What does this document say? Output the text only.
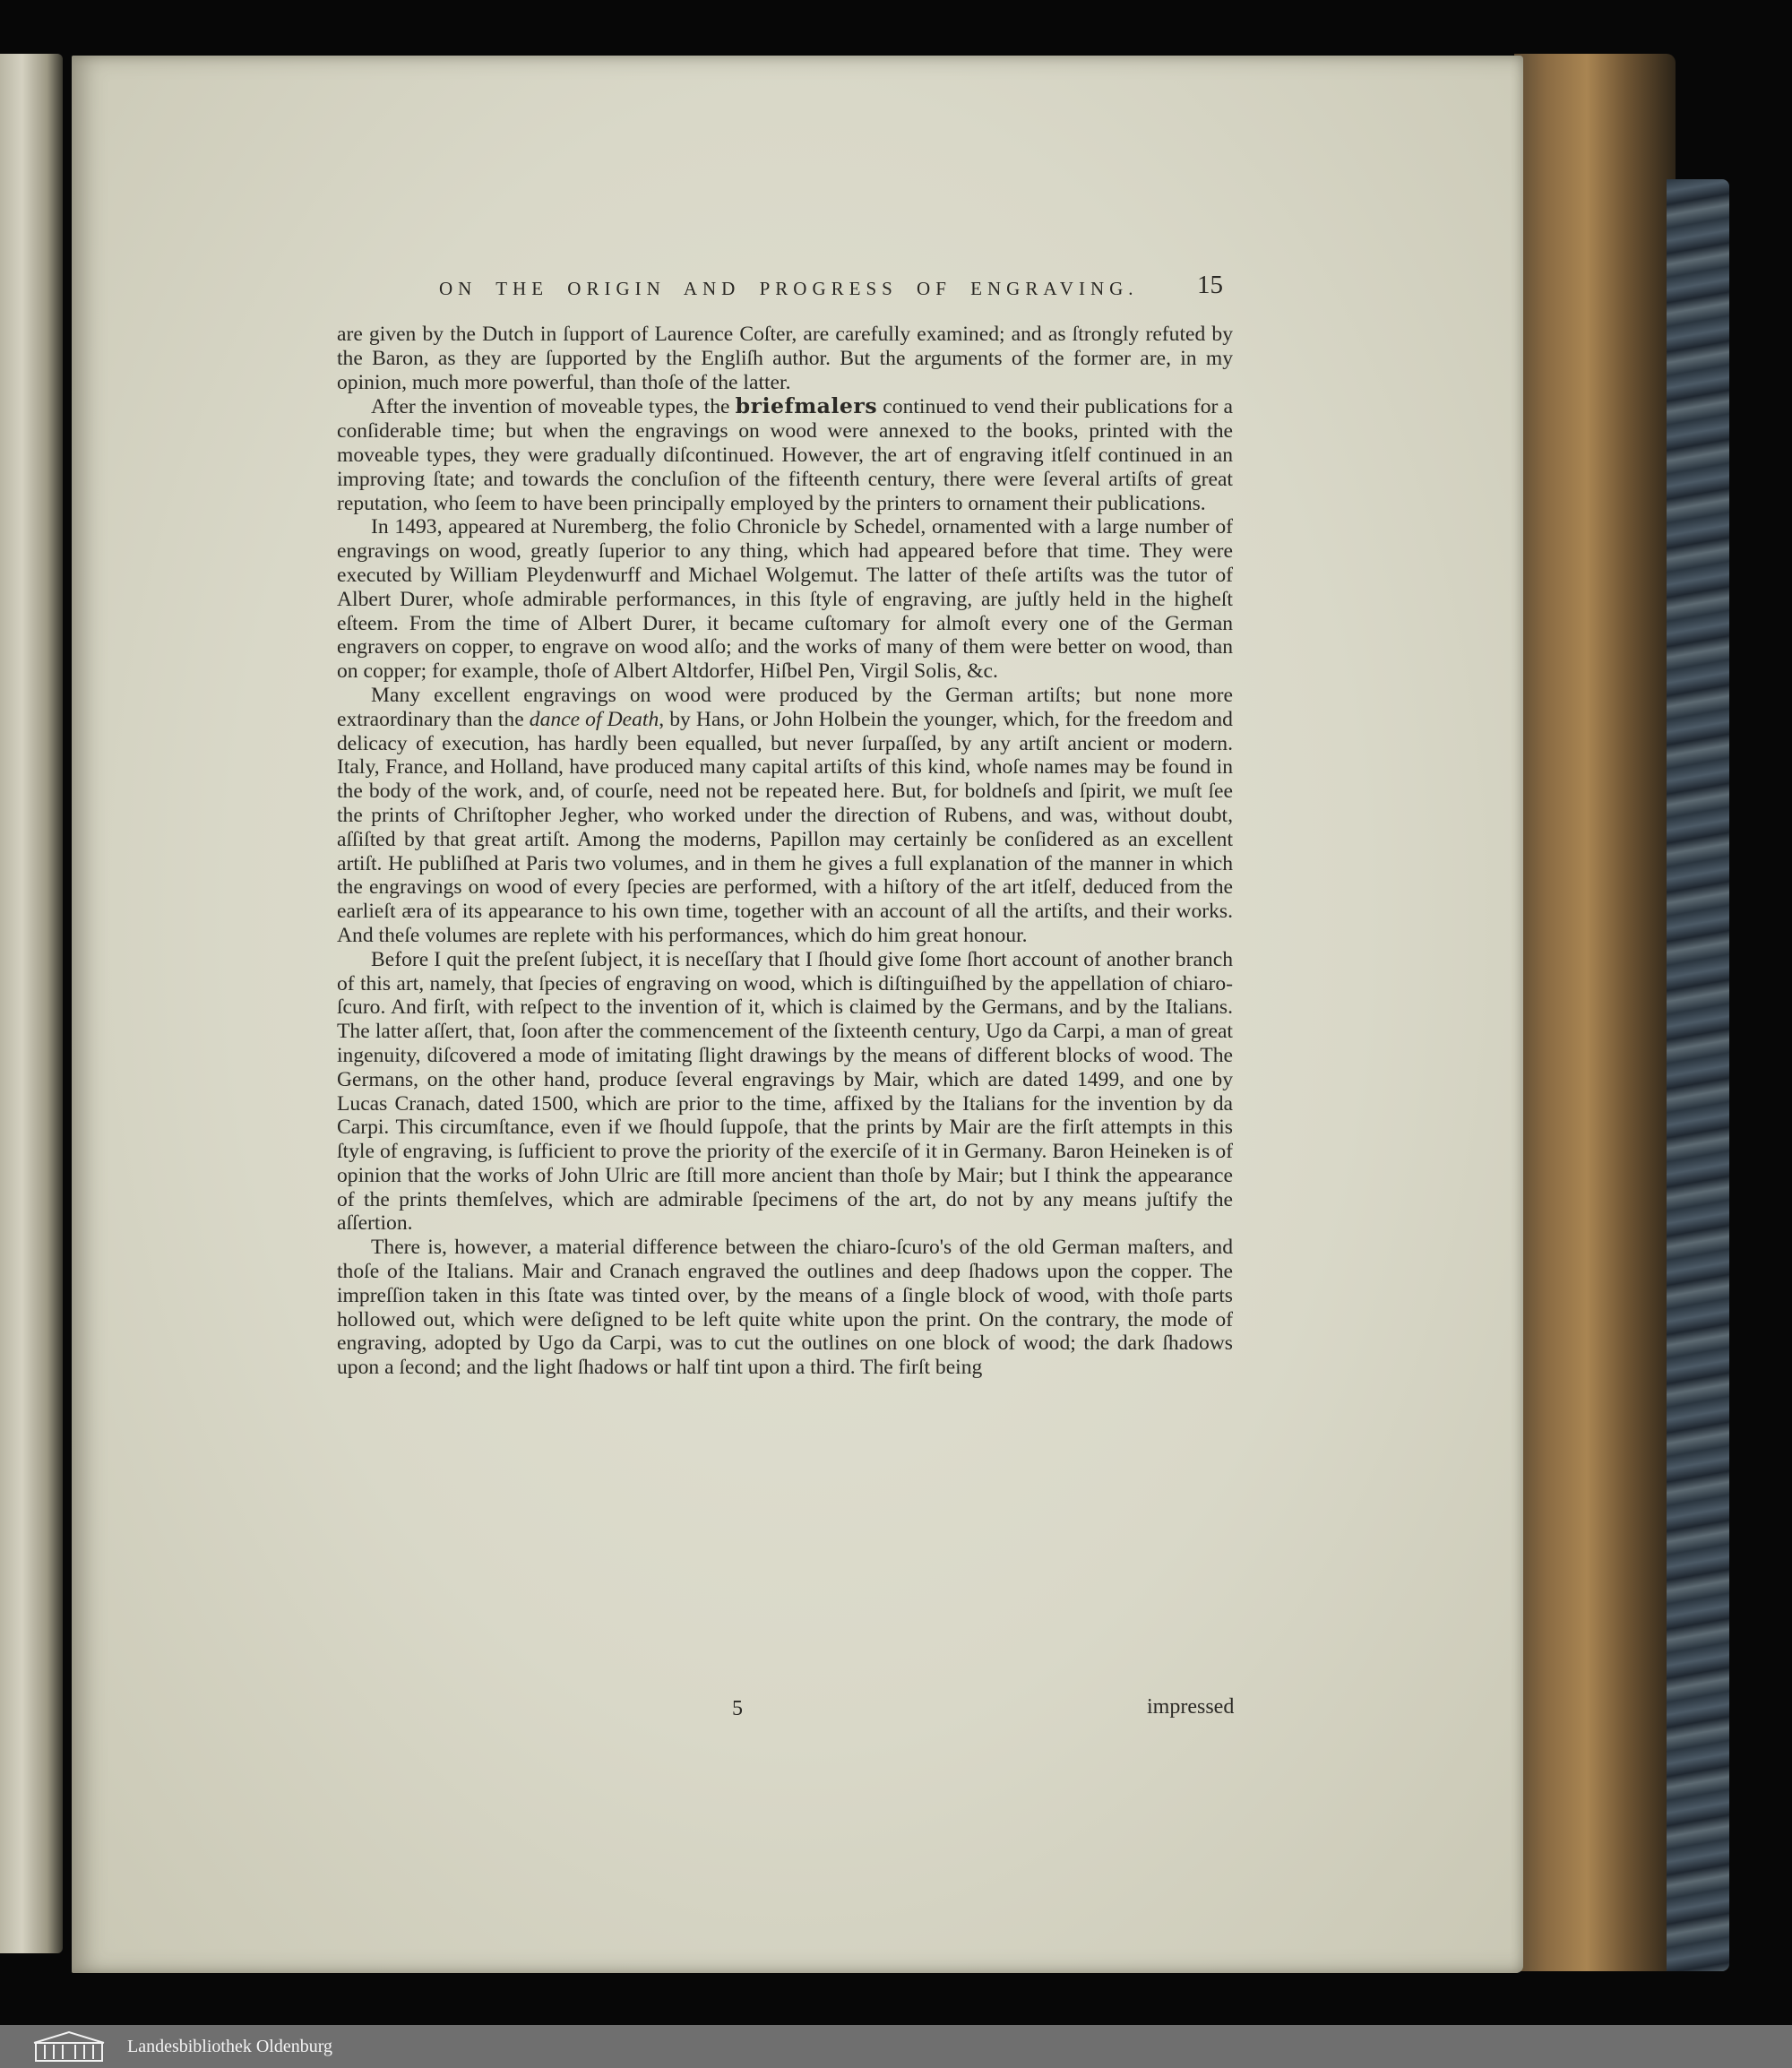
ON THE ORIGIN AND PROGRESS OF ENGRAVING. 15

are given by the Dutch in ſupport of Laurence Coſter, are carefully examined; and as ſtrongly refuted by the Baron, as they are ſupported by the Engliſh author. But the arguments of the former are, in my opinion, much more powerful, than thoſe of the latter.

After the invention of moveable types, the briefmalers continued to vend their publications for a conſiderable time; but when the engravings on wood were annexed to the books, printed with the moveable types, they were gradually diſcontinued. However, the art of engraving itſelf continued in an improving ſtate; and towards the concluſion of the fifteenth century, there were ſeveral artiſts of great reputation, who ſeem to have been principally employed by the printers to ornament their publications.

In 1493, appeared at Nuremberg, the folio Chronicle by Schedel, ornamented with a large number of engravings on wood, greatly ſuperior to any thing, which had appeared before that time. They were executed by William Pleydenwurff and Michael Wolgemut. The latter of theſe artiſts was the tutor of Albert Durer, whoſe admirable performances, in this ſtyle of engraving, are juſtly held in the higheſt eſteem. From the time of Albert Durer, it became cuſtomary for almoſt every one of the German engravers on copper, to engrave on wood alſo; and the works of many of them were better on wood, than on copper; for example, thoſe of Albert Altdorfer, Hiſbel Pen, Virgil Solis, &c.

Many excellent engravings on wood were produced by the German artiſts; but none more extraordinary than the dance of Death, by Hans, or John Holbein the younger, which, for the freedom and delicacy of execution, has hardly been equalled, but never ſurpaſſed, by any artiſt ancient or modern. Italy, France, and Holland, have produced many capital artiſts of this kind, whoſe names may be found in the body of the work, and, of courſe, need not be repeated here. But, for boldneſs and ſpirit, we muſt ſee the prints of Chriſtopher Jegher, who worked under the direction of Rubens, and was, without doubt, aſſiſted by that great artiſt. Among the moderns, Papillon may certainly be conſidered as an excellent artiſt. He publiſhed at Paris two volumes, and in them he gives a full explanation of the manner in which the engravings on wood of every ſpecies are performed, with a hiſtory of the art itſelf, deduced from the earlieſt æra of its appearance to his own time, together with an account of all the artiſts, and their works. And theſe volumes are replete with his performances, which do him great honour.

Before I quit the preſent ſubject, it is neceſſary that I ſhould give ſome ſhort account of another branch of this art, namely, that ſpecies of engraving on wood, which is diſtinguiſhed by the appellation of chiaro-ſcuro. And firſt, with reſpect to the invention of it, which is claimed by the Germans, and by the Italians. The latter aſſert, that, ſoon after the commencement of the ſixteenth century, Ugo da Carpi, a man of great ingenuity, diſcovered a mode of imitating ſlight drawings by the means of different blocks of wood. The Germans, on the other hand, produce ſeveral engravings by Mair, which are dated 1499, and one by Lucas Cranach, dated 1500, which are prior to the time, affixed by the Italians for the invention by da Carpi. This circumſtance, even if we ſhould ſuppoſe, that the prints by Mair are the firſt attempts in this ſtyle of engraving, is ſufficient to prove the priority of the exerciſe of it in Germany. Baron Heineken is of opinion that the works of John Ulric are ſtill more ancient than thoſe by Mair; but I think the appearance of the prints themſelves, which are admirable ſpecimens of the art, do not by any means juſtify the aſſertion.

There is, however, a material difference between the chiaro-ſcuro's of the old German maſters, and thoſe of the Italians. Mair and Cranach engraved the outlines and deep ſhadows upon the copper. The impreſſion taken in this ſtate was tinted over, by the means of a ſingle block of wood, with thoſe parts hollowed out, which were deſigned to be left quite white upon the print. On the contrary, the mode of engraving, adopted by Ugo da Carpi, was to cut the outlines on one block of wood; the dark ſhadows upon a ſecond; and the light ſhadows or half tint upon a third. The firſt being

5	impressed
Landesbibliothek Oldenburg
